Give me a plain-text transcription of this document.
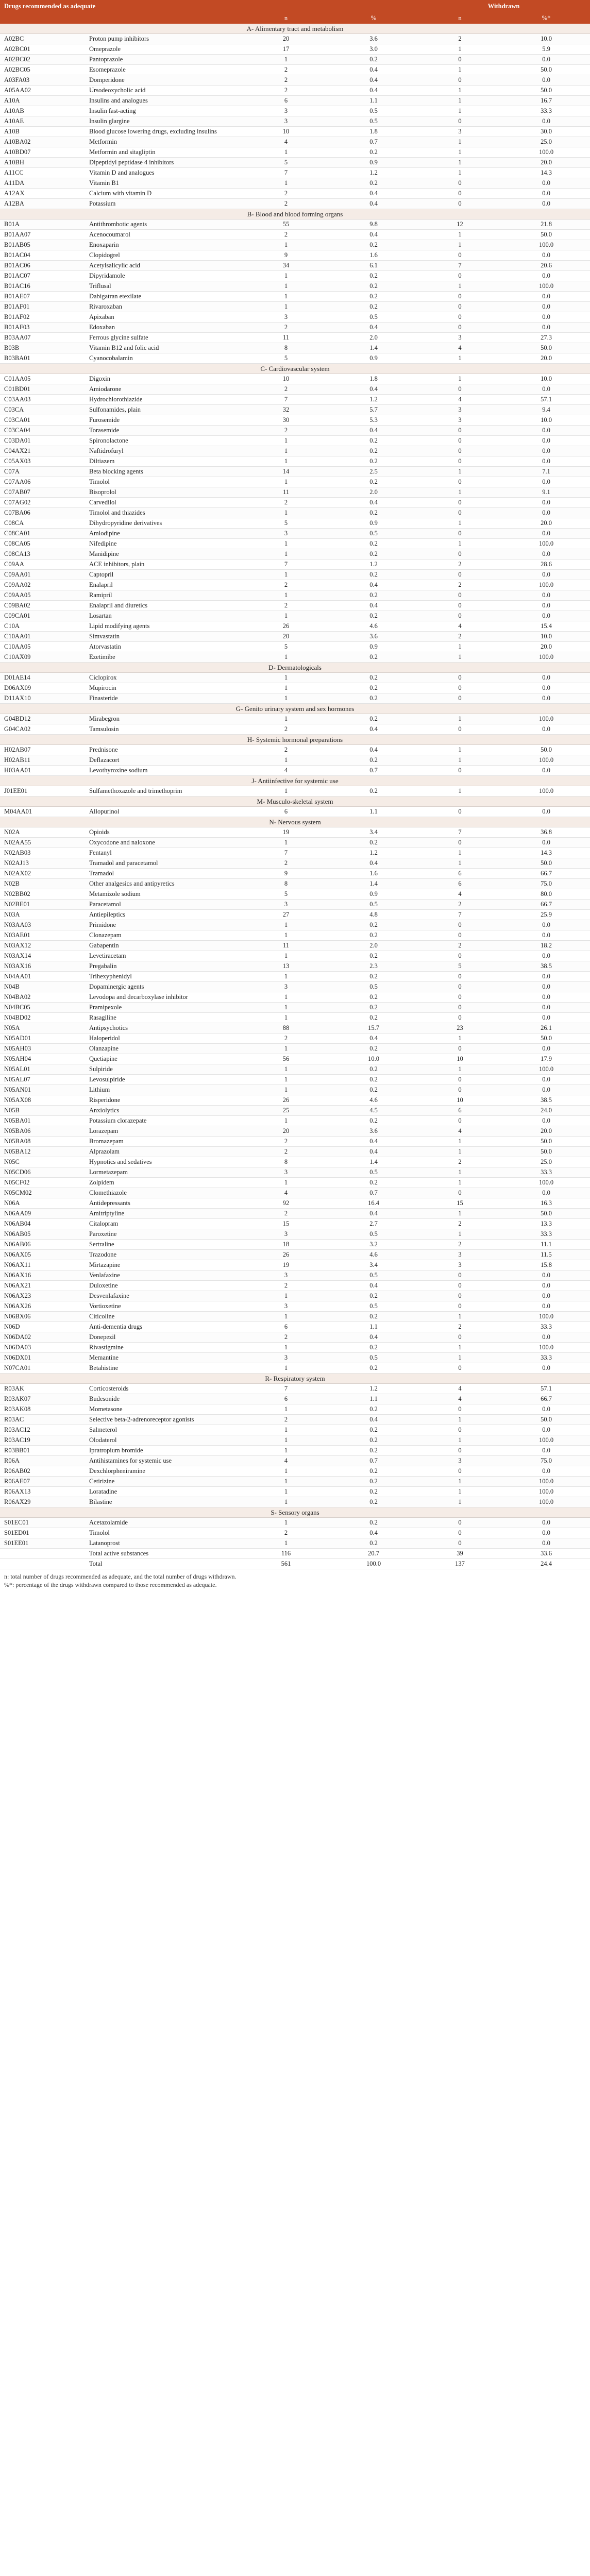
Drugs recommended as adequate				Withdrawn	
		n	%	n	%*
A- Alimentary tract and metabolism					
A02BC	Proton pump inhibitors	20	3.6	2	10.0
A02BC01	Omeprazole	17	3.0	1	5.9
A02BC02	Pantoprazole	1	0.2	0	0.0
A02BC05	Esomeprazole	2	0.4	1	50.0
A03FA03	Domperidone	2	0.4	0	0.0
A05AA02	Ursodeoxycholic acid	2	0.4	1	50.0
A10A	Insulins and analogues	6	1.1	1	16.7
A10AB	Insulin fast-acting	3	0.5	1	33.3
A10AE	Insulin glargine	3	0.5	0	0.0
A10B	Blood glucose lowering drugs, excluding insulins	10	1.8	3	30.0
A10BA02	Metformin	4	0.7	1	25.0
A10BD07	Metformin and sitagliptin	1	0.2	1	100.0
A10BH	Dipeptidyl peptidase 4 inhibitors	5	0.9	1	20.0
A11CC	Vitamin D and analogues	7	1.2	1	14.3
A11DA	Vitamin B1	1	0.2	0	0.0
A12AX	Calcium with vitamin D	2	0.4	0	0.0
A12BA	Potassium	2	0.4	0	0.0
B- Blood and blood forming organs					
B01A	Antithrombotic agents	55	9.8	12	21.8
B01AA07	Acenocoumarol	2	0.4	1	50.0
B01AB05	Enoxaparin	1	0.2	1	100.0
B01AC04	Clopidogrel	9	1.6	0	0.0
B01AC06	Acetylsalicylic acid	34	6.1	7	20.6
B01AC07	Dipyridamole	1	0.2	0	0.0
B01AC16	Triflusal	1	0.2	1	100.0
B01AE07	Dabigatran etexilate	1	0.2	0	0.0
B01AF01	Rivaroxaban	1	0.2	0	0.0
B01AF02	Apixaban	3	0.5	0	0.0
B01AF03	Edoxaban	2	0.4	0	0.0
B03AA07	Ferrous glycine sulfate	11	2.0	3	27.3
B03B	Vitamin B12 and folic acid	8	1.4	4	50.0
B03BA01	Cyanocobalamin	5	0.9	1	20.0
C- Cardiovascular system					
C01AA05	Digoxin	10	1.8	1	10.0
C01BD01	Amiodarone	2	0.4	0	0.0
C03AA03	Hydrochlorothiazide	7	1.2	4	57.1
C03CA	Sulfonamides, plain	32	5.7	3	9.4
C03CA01	Furosemide	30	5.3	3	10.0
C03CA04	Torasemide	2	0.4	0	0.0
C03DA01	Spironolactone	1	0.2	0	0.0
C04AX21	Naftidrofuryl	1	0.2	0	0.0
C05AX03	Diltiazem	1	0.2	0	0.0
C07A	Beta blocking agents	14	2.5	1	7.1
C07AA06	Timolol	1	0.2	0	0.0
C07AB07	Bisoprolol	11	2.0	1	9.1
C07AG02	Carvedilol	2	0.4	0	0.0
C07BA06	Timolol and thiazides	1	0.2	0	0.0
C08CA	Dihydropyridine derivatives	5	0.9	1	20.0
C08CA01	Amlodipine	3	0.5	0	0.0
C08CA05	Nifedipine	1	0.2	1	100.0
C08CA13	Manidipine	1	0.2	0	0.0
C09AA	ACE inhibitors, plain	7	1.2	2	28.6
C09AA01	Captopril	1	0.2	0	0.0
C09AA02	Enalapril	2	0.4	2	100.0
C09AA05	Ramipril	1	0.2	0	0.0
C09BA02	Enalapril and diuretics	2	0.4	0	0.0
C09CA01	Losartan	1	0.2	0	0.0
C10A	Lipid modifying agents	26	4.6	4	15.4
C10AA01	Simvastatin	20	3.6	2	10.0
C10AA05	Atorvastatin	5	0.9	1	20.0
C10AX09	Ezetimibe	1	0.2	1	100.0
D- Dermatologicals					
D01AE14	Ciclopirox	1	0.2	0	0.0
D06AX09	Mupirocin	1	0.2	0	0.0
D11AX10	Finasteride	1	0.2	0	0.0
G- Genito urinary system and sex hormones					
G04BD12	Mirabegron	1	0.2	1	100.0
G04CA02	Tamsulosin	2	0.4	0	0.0
H- Systemic hormonal preparations					
H02AB07	Prednisone	2	0.4	1	50.0
H02AB11	Deflazacort	1	0.2	1	100.0
H03AA01	Levothyroxine sodium	4	0.7	0	0.0
J- Antiinfective for systemic use					
J01EE01	Sulfamethoxazole and trimethoprim	1	0.2	1	100.0
M- Musculo-skeletal system					
M04AA01	Allopurinol	6	1.1	0	0.0
N- Nervous system					
N02A	Opioids	19	3.4	7	36.8
N02AA55	Oxycodone and naloxone	1	0.2	0	0.0
N02AB03	Fentanyl	7	1.2	1	14.3
N02AJ13	Tramadol and paracetamol	2	0.4	1	50.0
N02AX02	Tramadol	9	1.6	6	66.7
N02B	Other analgesics and antipyretics	8	1.4	6	75.0
N02BB02	Metamizole sodium	5	0.9	4	80.0
N02BE01	Paracetamol	3	0.5	2	66.7
N03A	Antiepileptics	27	4.8	7	25.9
N03AA03	Primidone	1	0.2	0	0.0
N03AE01	Clonazepam	1	0.2	0	0.0
N03AX12	Gabapentin	11	2.0	2	18.2
N03AX14	Levetiracetam	1	0.2	0	0.0
N03AX16	Pregabalin	13	2.3	5	38.5
N04AA01	Trihexyphenidyl	1	0.2	0	0.0
N04B	Dopaminergic agents	3	0.5	0	0.0
N04BA02	Levodopa and decarboxylase inhibitor	1	0.2	0	0.0
N04BC05	Pramipexole	1	0.2	0	0.0
N04BD02	Rasagiline	1	0.2	0	0.0
N05A	Antipsychotics	88	15.7	23	26.1
N05AD01	Haloperidol	2	0.4	1	50.0
N05AH03	Olanzapine	1	0.2	0	0.0
N05AH04	Quetiapine	56	10.0	10	17.9
N05AL01	Sulpiride	1	0.2	1	100.0
N05AL07	Levosulpiride	1	0.2	0	0.0
N05AN01	Lithium	1	0.2	0	0.0
N05AX08	Risperidone	26	4.6	10	38.5
N05B	Anxiolytics	25	4.5	6	24.0
N05BA01	Potassium clorazepate	1	0.2	0	0.0
N05BA06	Lorazepam	20	3.6	4	20.0
N05BA08	Bromazepam	2	0.4	1	50.0
N05BA12	Alprazolam	2	0.4	1	50.0
N05C	Hypnotics and sedatives	8	1.4	2	25.0
N05CD06	Lormetazepam	3	0.5	1	33.3
N05CF02	Zolpidem	1	0.2	1	100.0
N05CM02	Clomethiazole	4	0.7	0	0.0
N06A	Antidepressants	92	16.4	15	16.3
N06AA09	Amitriptyline	2	0.4	1	50.0
N06AB04	Citalopram	15	2.7	2	13.3
N06AB05	Paroxetine	3	0.5	1	33.3
N06AB06	Sertraline	18	3.2	2	11.1
N06AX05	Trazodone	26	4.6	3	11.5
N06AX11	Mirtazapine	19	3.4	3	15.8
N06AX16	Venlafaxine	3	0.5	0	0.0
N06AX21	Duloxetine	2	0.4	0	0.0
N06AX23	Desvenlafaxine	1	0.2	0	0.0
N06AX26	Vortioxetine	3	0.5	0	0.0
N06BX06	Citicoline	1	0.2	1	100.0
N06D	Anti-dementia drugs	6	1.1	2	33.3
N06DA02	Donepezil	2	0.4	0	0.0
N06DA03	Rivastigmine	1	0.2	1	100.0
N06DX01	Memantine	3	0.5	1	33.3
N07CA01	Betahistine	1	0.2	0	0.0
R- Respiratory system					
R03AK	Corticosteroids	7	1.2	4	57.1
R03AK07	Budesonide	6	1.1	4	66.7
R03AK08	Mometasone	1	0.2	0	0.0
R03AC	Selective beta-2-adrenoreceptor agonists	2	0.4	1	50.0
R03AC12	Salmeterol	1	0.2	0	0.0
R03AC19	Olodaterol	1	0.2	1	100.0
R03BB01	Ipratropium bromide	1	0.2	0	0.0
R06A	Antihistamines for systemic use	4	0.7	3	75.0
R06AB02	Dexchlorpheniramine	1	0.2	0	0.0
R06AE07	Cetirizine	1	0.2	1	100.0
R06AX13	Loratadine	1	0.2	1	100.0
R06AX29	Bilastine	1	0.2	1	100.0
S- Sensory organs					
S01EC01	Acetazolamide	1	0.2	0	0.0
S01ED01	Timolol	2	0.4	0	0.0
S01EE01	Latanoprost	1	0.2	0	0.0
	Total active substances	116	20.7	39	33.6
	Total	561	100.0	137	24.4
n: total number of drugs recommended as adequate, and the total number of drugs withdrawn.
%*: percentage of the drugs withdrawn compared to those recommended as adequate.
